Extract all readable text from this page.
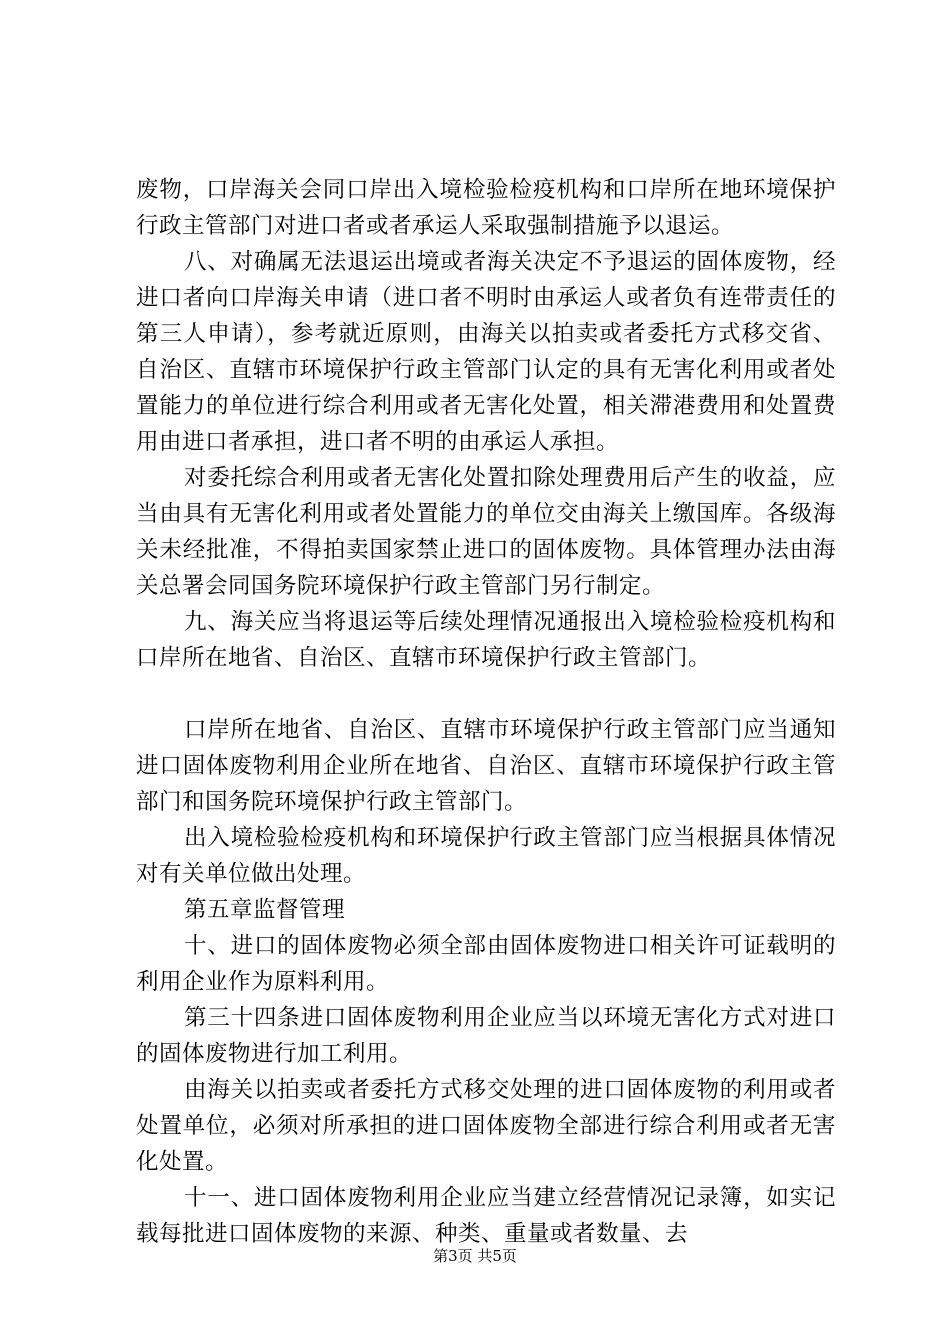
废物，口岸海关会同口岸出入境检验检疫机构和口岸所在地环境保护行政主管部门对进口者或者承运人采取强制措施予以退运。

八、对确属无法退运出境或者海关决定不予退运的固体废物，经进口者向口岸海关申请（进口者不明时由承运人或者负有连带责任的第三人申请），参考就近原则，由海关以拍卖或者委托方式移交省、自治区、直辖市环境保护行政主管部门认定的具有无害化利用或者处置能力的单位进行综合利用或者无害化处置，相关滞港费用和处置费用由进口者承担，进口者不明的由承运人承担。

对委托综合利用或者无害化处置扣除处理费用后产生的收益，应当由具有无害化利用或者处置能力的单位交由海关上缴国库。各级海关未经批准，不得拍卖国家禁止进口的固体废物。具体管理办法由海关总署会同国务院环境保护行政主管部门另行制定。

九、海关应当将退运等后续处理情况通报出入境检验检疫机构和口岸所在地省、自治区、直辖市环境保护行政主管部门。

口岸所在地省、自治区、直辖市环境保护行政主管部门应当通知进口固体废物利用企业所在地省、自治区、直辖市环境保护行政主管部门和国务院环境保护行政主管部门。

出入境检验检疫机构和环境保护行政主管部门应当根据具体情况对有关单位做出处理。

第五章监督管理

十、进口的固体废物必须全部由固体废物进口相关许可证载明的利用企业作为原料利用。

第三十四条进口固体废物利用企业应当以环境无害化方式对进口的固体废物进行加工利用。

由海关以拍卖或者委托方式移交处理的进口固体废物的利用或者处置单位，必须对所承担的进口固体废物全部进行综合利用或者无害化处置。

十一、进口固体废物利用企业应当建立经营情况记录簿，如实记载每批进口固体废物的来源、种类、重量或者数量、去

第3页 共5页
